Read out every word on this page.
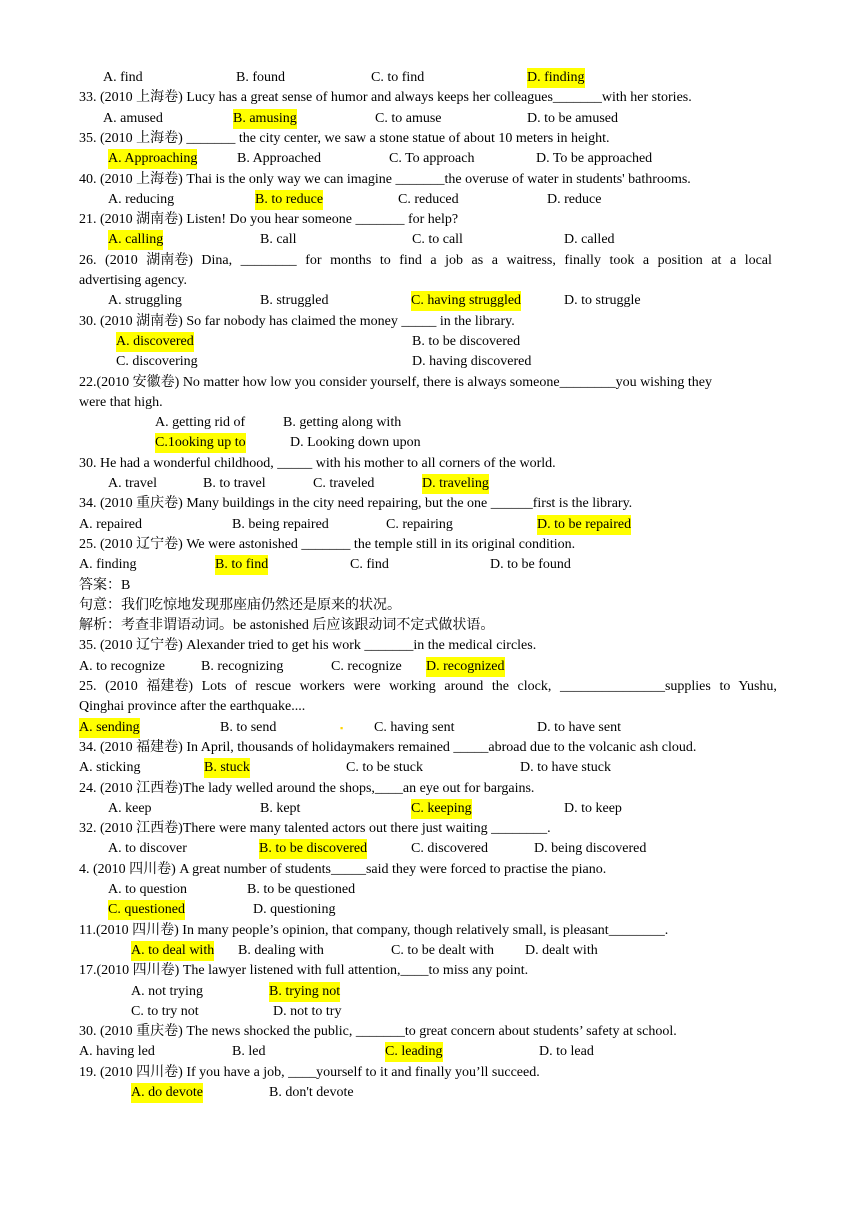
A. find	B. found	C. to find	D. finding
33. (2010 上海卷) Lucy has a great sense of humor and always keeps her colleagues_______with her stories.
A. amused	B. amusing	C. to amuse	D. to be amused
35. (2010 上海卷) _______ the city center, we saw a stone statue of about 10 meters in height.
A. Approaching	B. Approached	C. To approach	D. To be approached
40. (2010 上海卷) Thai is the only way we can imagine _______the overuse of water in students' bathrooms.
A. reducing	B. to reduce	C. reduced	D. reduce
21. (2010 湖南卷) Listen! Do you hear someone _______ for help?
A. calling	B. call	C. to call	D. called
26. (2010 湖南卷) Dina, ________ for months to find a job as a waitress, finally took a position at a local
advertising agency.
A. struggling	B. struggled	C. having struggled	D. to struggle
30. (2010 湖南卷) So far nobody has claimed the money _____ in the library.
A. discovered	B. to be discovered
C. discovering	D. having discovered
22.(2010 安徽卷) No matter how low you consider yourself, there is always someone________you wishing they
were that high.
A. getting rid of	B. getting along with
C.1ooking up to	D. Looking down upon
30. He had a wonderful childhood, _____ with his mother to all corners of the world.
A. travel	B. to travel	C. traveled	D. traveling
34. (2010 重庆卷) Many buildings in the city need repairing, but the one ______first is the library.
A. repaired	B. being repaired	C. repairing	D. to be repaired
25. (2010 辽宁卷) We were astonished _______ the temple still in its original condition.
A. finding	B. to find	C. find	D. to be found
答案：B
句意：我们吃惊地发现那座庙仍然还是原来的状况。
解析：考查非谓语动词。be astonished 后应该跟动词不定式做状语。
35. (2010 辽宁卷) Alexander tried to get his work _______in the medical circles.
A. to recognize	B. recognizing	C. recognize D. recognized
25. (2010 福建卷) Lots of rescue workers were working around the clock, _______________supplies to Yushu,
Qinghai province after the earthquake....
A. sending	B. to send	C. having sent	D. to have sent
▪
34. (2010 福建卷) In April, thousands of holidaymakers remained _____abroad due to the volcanic ash cloud.
A. sticking	B. stuck	C. to be stuck	D. to have stuck
24. (2010 江西卷)The lady welled around the shops,____an eye out for bargains.
A. keep	B. kept	C. keeping	D. to keep
32. (2010 江西卷)There were many talented actors out there just waiting ________.
A. to discover	B. to be discovered	C. discovered	D. being discovered
4. (2010 四川卷) A great number of students_____said they were forced to practise the piano.
A. to question	B. to be questioned
C. questioned	D. questioning
11.(2010 四川卷) In many people’s opinion, that company, though relatively small, is pleasant________.
A. to deal with B. dealing with	C. to be dealt with D. dealt with
17.(2010 四川卷) The lawyer listened with full attention,____to miss any point.
A. not trying	B. trying not
C. to try not	D. not to try
30. (2010 重庆卷) The news shocked the public, _______to great concern about students’ safety at school.
A. having led	B. led	C. leading	D. to lead
19. (2010 四川卷) If you have a job, ____yourself to it and finally you’ll succeed.
A. do devote	B. don't devote
